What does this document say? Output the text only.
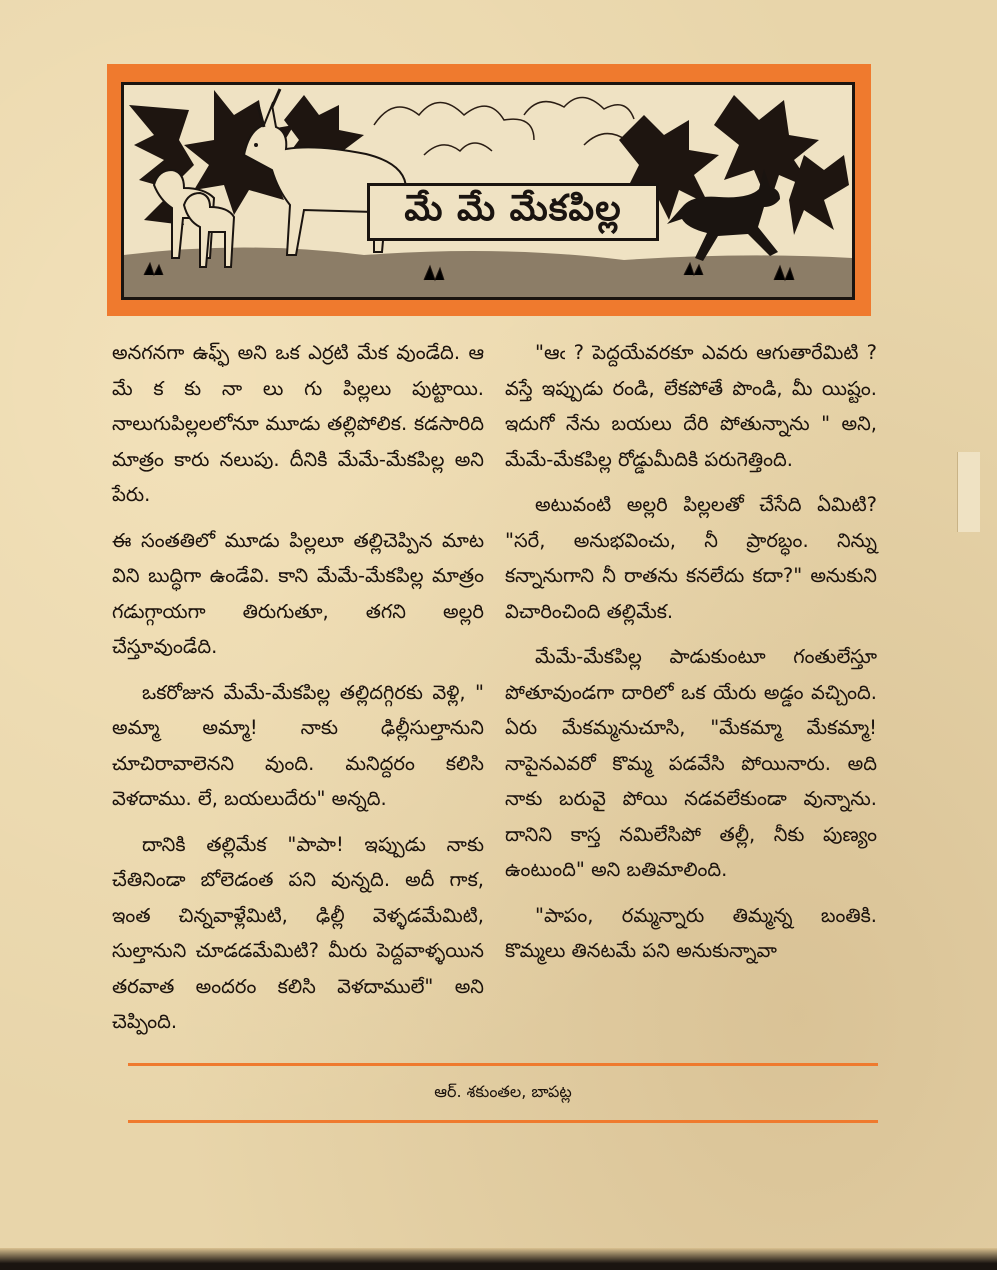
మే మే మేకపిల్ల

అనగనగా ఉఫ్ఫ్ అని ఒక ఎర్రటి మేక వుండేది. ఆ మే క కు నా లు గు పిల్లలు పుట్టాయి. నాలుగుపిల్లలలోనూ మూడు తల్లిపోలిక. కడసారిది మాత్రం కారు నలుపు. దీనికి మేమే-మేకపిల్ల అని పేరు.

ఈ సంతతిలో మూడు పిల్లలూ తల్లిచెప్పిన మాట విని బుద్ధిగా ఉండేవి. కాని మేమే-మేకపిల్ల మాత్రం గడుగ్గాయగా తిరుగుతూ, తగని అల్లరి చేస్తూవుండేది.

ఒకరోజున మేమే-మేకపిల్ల తల్లిదగ్గిరకు వెళ్లి, " అమ్మా అమ్మా! నాకు ఢిల్లీసుల్తానుని చూచిరావాలెనని వుంది. మనిద్దరం కలిసి వెళదాము. లే, బయలుదేరు" అన్నది.

దానికి తల్లిమేక "పాపా! ఇప్పుడు నాకు చేతినిండా బోలెడంత పని వున్నది. అదీ గాక, ఇంత చిన్నవాళ్లేమిటి, ఢిల్లీ వెళ్ళడమేమిటి, సుల్తానుని చూడడమేమిటి? మీరు పెద్దవాళ్ళయిన తరవాత అందరం కలిసి వెళదాములే" అని చెప్పింది.

"ఆఁ ? పెద్దయేవరకూ ఎవరు ఆగుతారేమిటి ? వస్తే ఇప్పుడు రండి, లేకపోతే పొండి, మీ యిష్టం. ఇదుగో నేను బయలు దేరి పోతున్నాను " అని, మేమే-మేకపిల్ల రోడ్డుమీదికి పరుగెత్తింది.

అటువంటి అల్లరి పిల్లలతో చేసేది ఏమిటి? "సరే, అనుభవించు, నీ ప్రారబ్ధం. నిన్ను కన్నానుగాని నీ రాతను కనలేదు కదా?" అనుకుని విచారించింది తల్లిమేక.

మేమే-మేకపిల్ల పాడుకుంటూ గంతులేస్తూ పోతూవుండగా దారిలో ఒక యేరు అడ్డం వచ్చింది. ఏరు మేకమ్మనుచూసి, "మేకమ్మా మేకమ్మా! నాపైనఎవరో కొమ్మ పడవేసి పోయినారు. అది నాకు బరువై పోయి నడవలేకుండా వున్నాను. దానిని కాస్త నమిలేసిపో తల్లీ, నీకు పుణ్యం ఉంటుంది" అని బతిమాలింది.

"పాపం, రమ్మన్నారు తిమ్మన్న బంతికి. కొమ్మలు తినటమే పని అనుకున్నావా

ఆర్. శకుంతల, బాపట్ల
